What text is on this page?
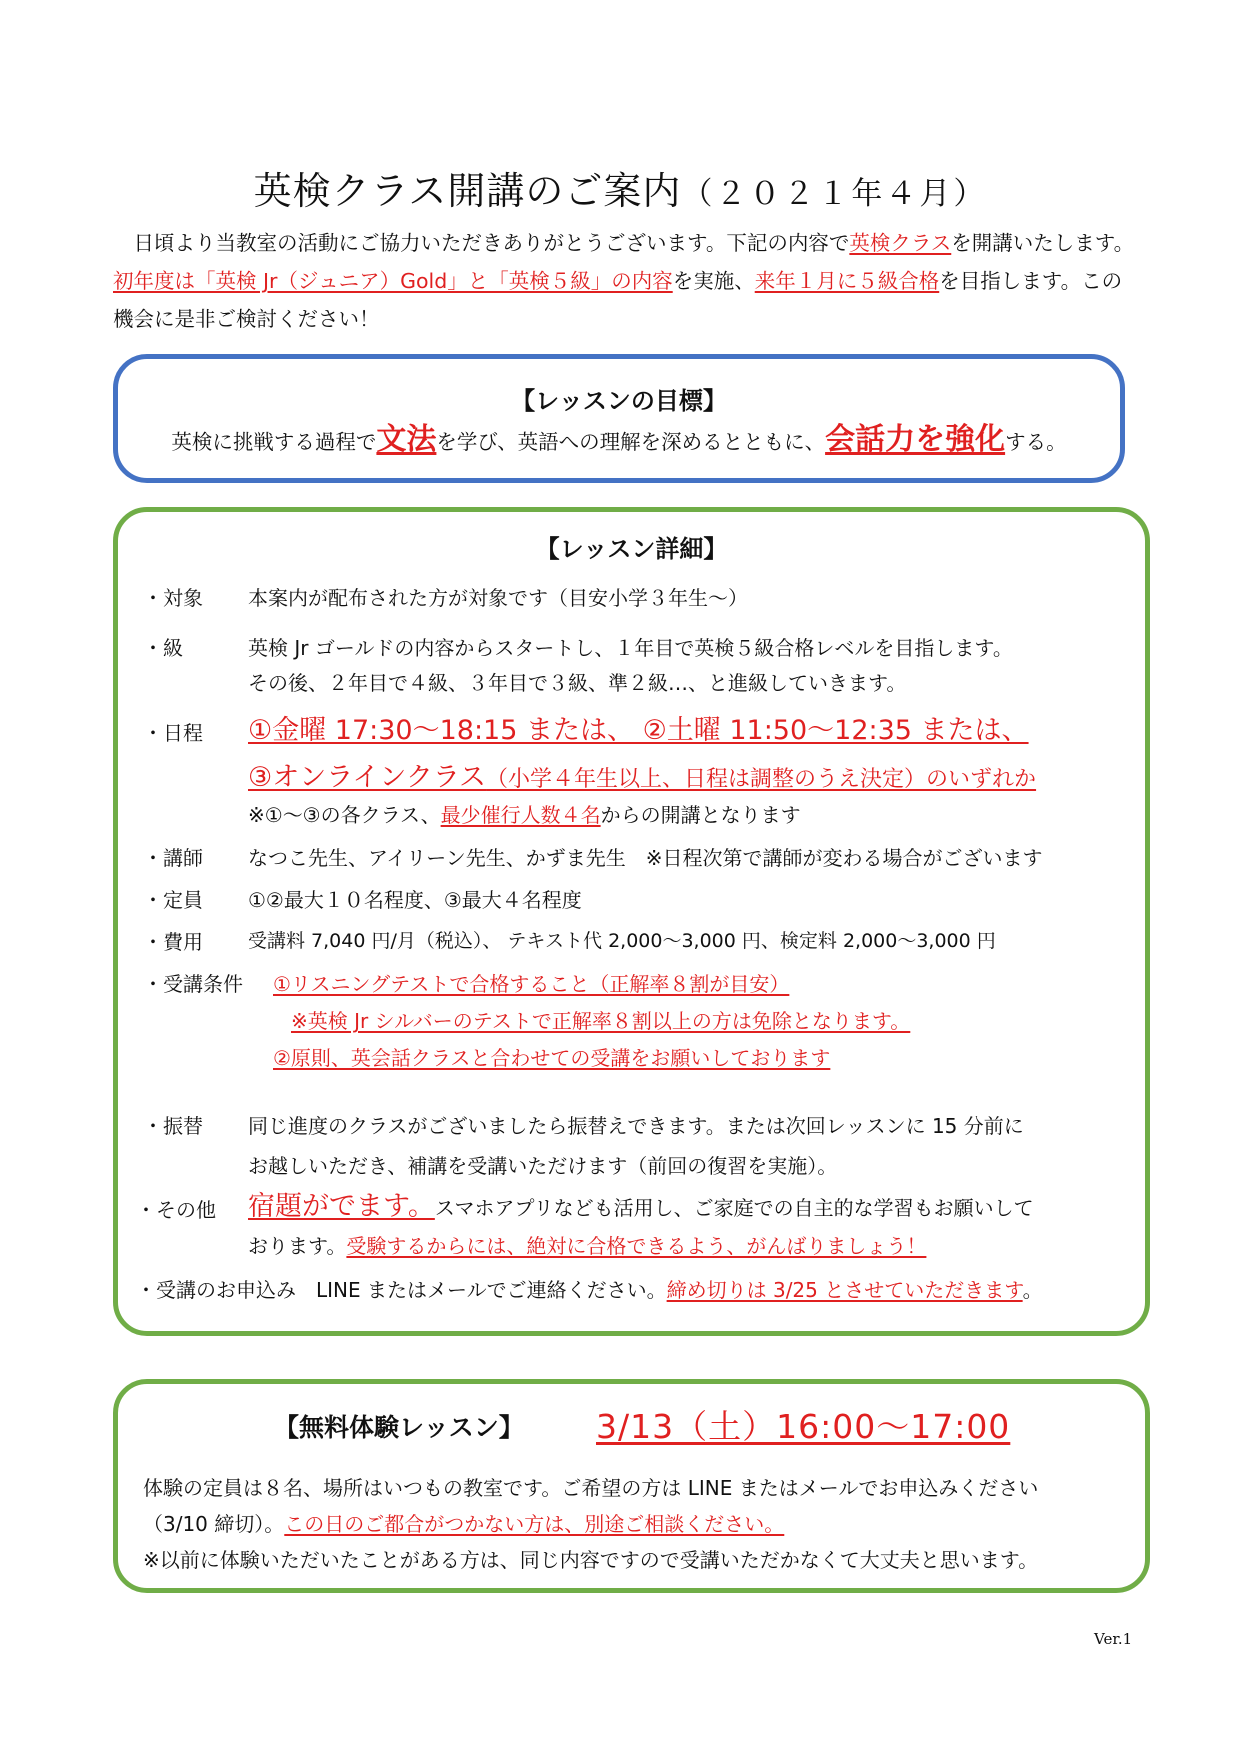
英検クラス開講のご案内（２０２１年４月）
　日頃より当教室の活動にご協力いただきありがとうございます。下記の内容で英検クラスを開講いたします。初年度は「英検 Jr（ジュニア）Gold」と「英検５級」の内容を実施、来年１月に５級合格を目指します。この機会に是非ご検討ください！
【レッスンの目標】
英検に挑戦する過程で文法を学び、英語への理解を深めるとともに、会話力を強化する。
【レッスン詳細】
・対象 本案内が配布された方が対象です（目安小学３年生～）
・級	英検 Jr ゴールドの内容からスタートし、１年目で英検５級合格レベルを目指します。
その後、２年目で４級、３年目で３級、準２級…、と進級していきます。
・日程 ①金曜 17:30～18:15 または、 ②土曜 11:50～12:35 または、
③オンラインクラス（小学４年生以上、日程は調整のうえ決定）のいずれか
※①～③の各クラス、最少催行人数４名からの開講となります
・講師 なつこ先生、アイリーン先生、かずま先生　※日程次第で講師が変わる場合がございます
・定員 ①②最大１０名程度、③最大４名程度
・費用 受講料 7,040 円/月（税込）、 テキスト代 2,000～3,000 円、検定料 2,000～3,000 円
・受講条件 ①リスニングテストで合格すること（正解率８割が目安）
※英検 Jr シルバーのテストで正解率８割以上の方は免除となります。
②原則、英会話クラスと合わせての受講をお願いしております
・振替 同じ進度のクラスがございましたら振替えできます。または次回レッスンに 15 分前に
お越しいただき、補講を受講いただけます（前回の復習を実施）。
・その他 宿題がでます。スマホアプリなども活用し、ご家庭での自主的な学習もお願いして
おります。受験するからには、絶対に合格できるよう、がんばりましょう！
・受講のお申込み　LINE またはメールでご連絡ください。締め切りは 3/25 とさせていただきます。
【無料体験レッスン】 3/13（土）16:00～17:00
体験の定員は８名、場所はいつもの教室です。ご希望の方は LINE またはメールでお申込みください
（3/10 締切）。この日のご都合がつかない方は、別途ご相談ください。
※以前に体験いただいたことがある方は、同じ内容ですので受講いただかなくて大丈夫と思います。
Ver.1
